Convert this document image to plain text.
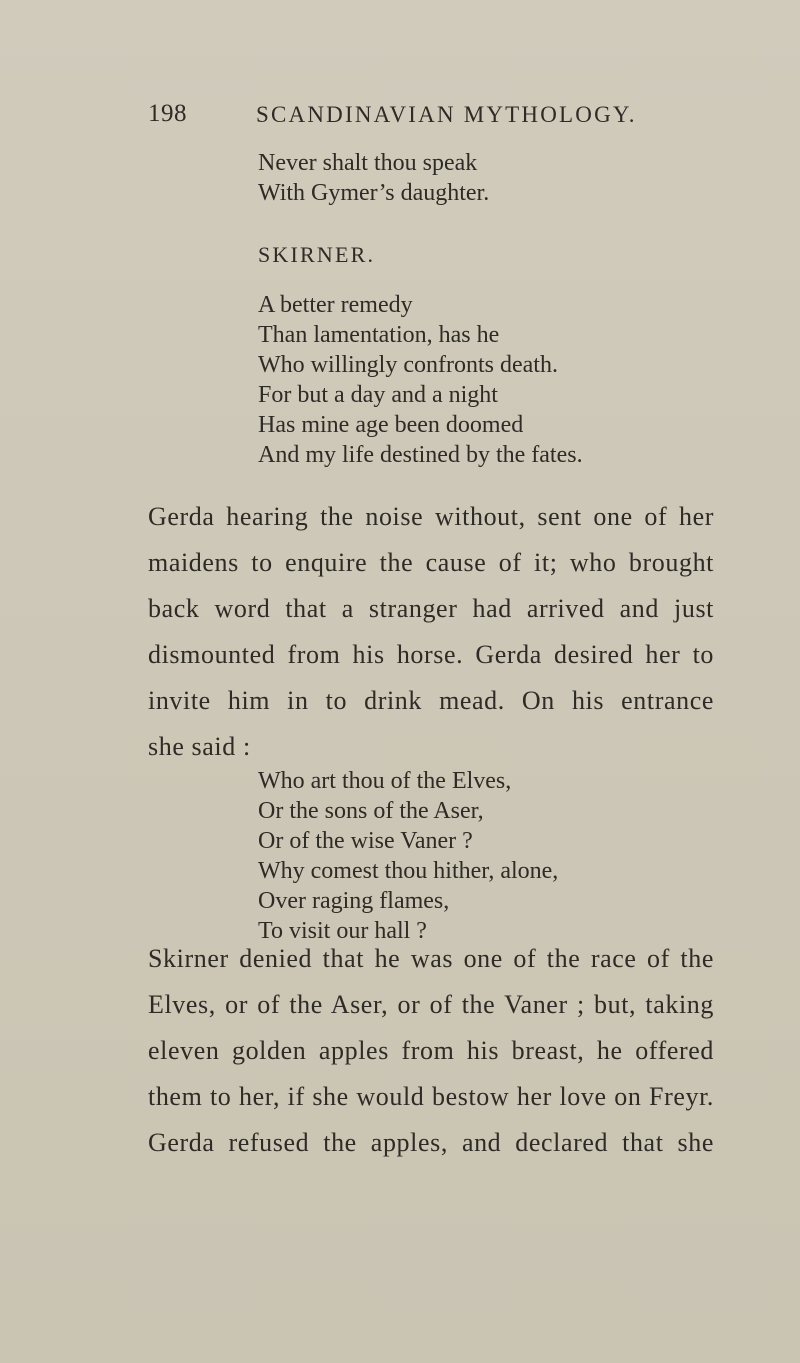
198	SCANDINAVIAN MYTHOLOGY.
Never shalt thou speak
With Gymer’s daughter.
SKIRNER.
A better remedy
Than lamentation, has he
Who willingly confronts death.
For but a day and a night
Has mine age been doomed
And my life destined by the fates.
Gerda hearing the noise without, sent one of her
maidens to enquire the cause of it; who brought
back word that a stranger had arrived and just
dismounted from his horse. Gerda desired her to
invite him in to drink mead. On his entrance
she said :
Who art thou of the Elves,
Or the sons of the Aser,
Or of the wise Vaner ?
Why comest thou hither, alone,
Over raging flames,
To visit our hall ?
Skirner denied that he was one of the race of the
Elves, or of the Aser, or of the Vaner ; but, taking
eleven golden apples from his breast, he offered
them to her, if she would bestow her love on Freyr.
Gerda refused the apples, and declared that she
